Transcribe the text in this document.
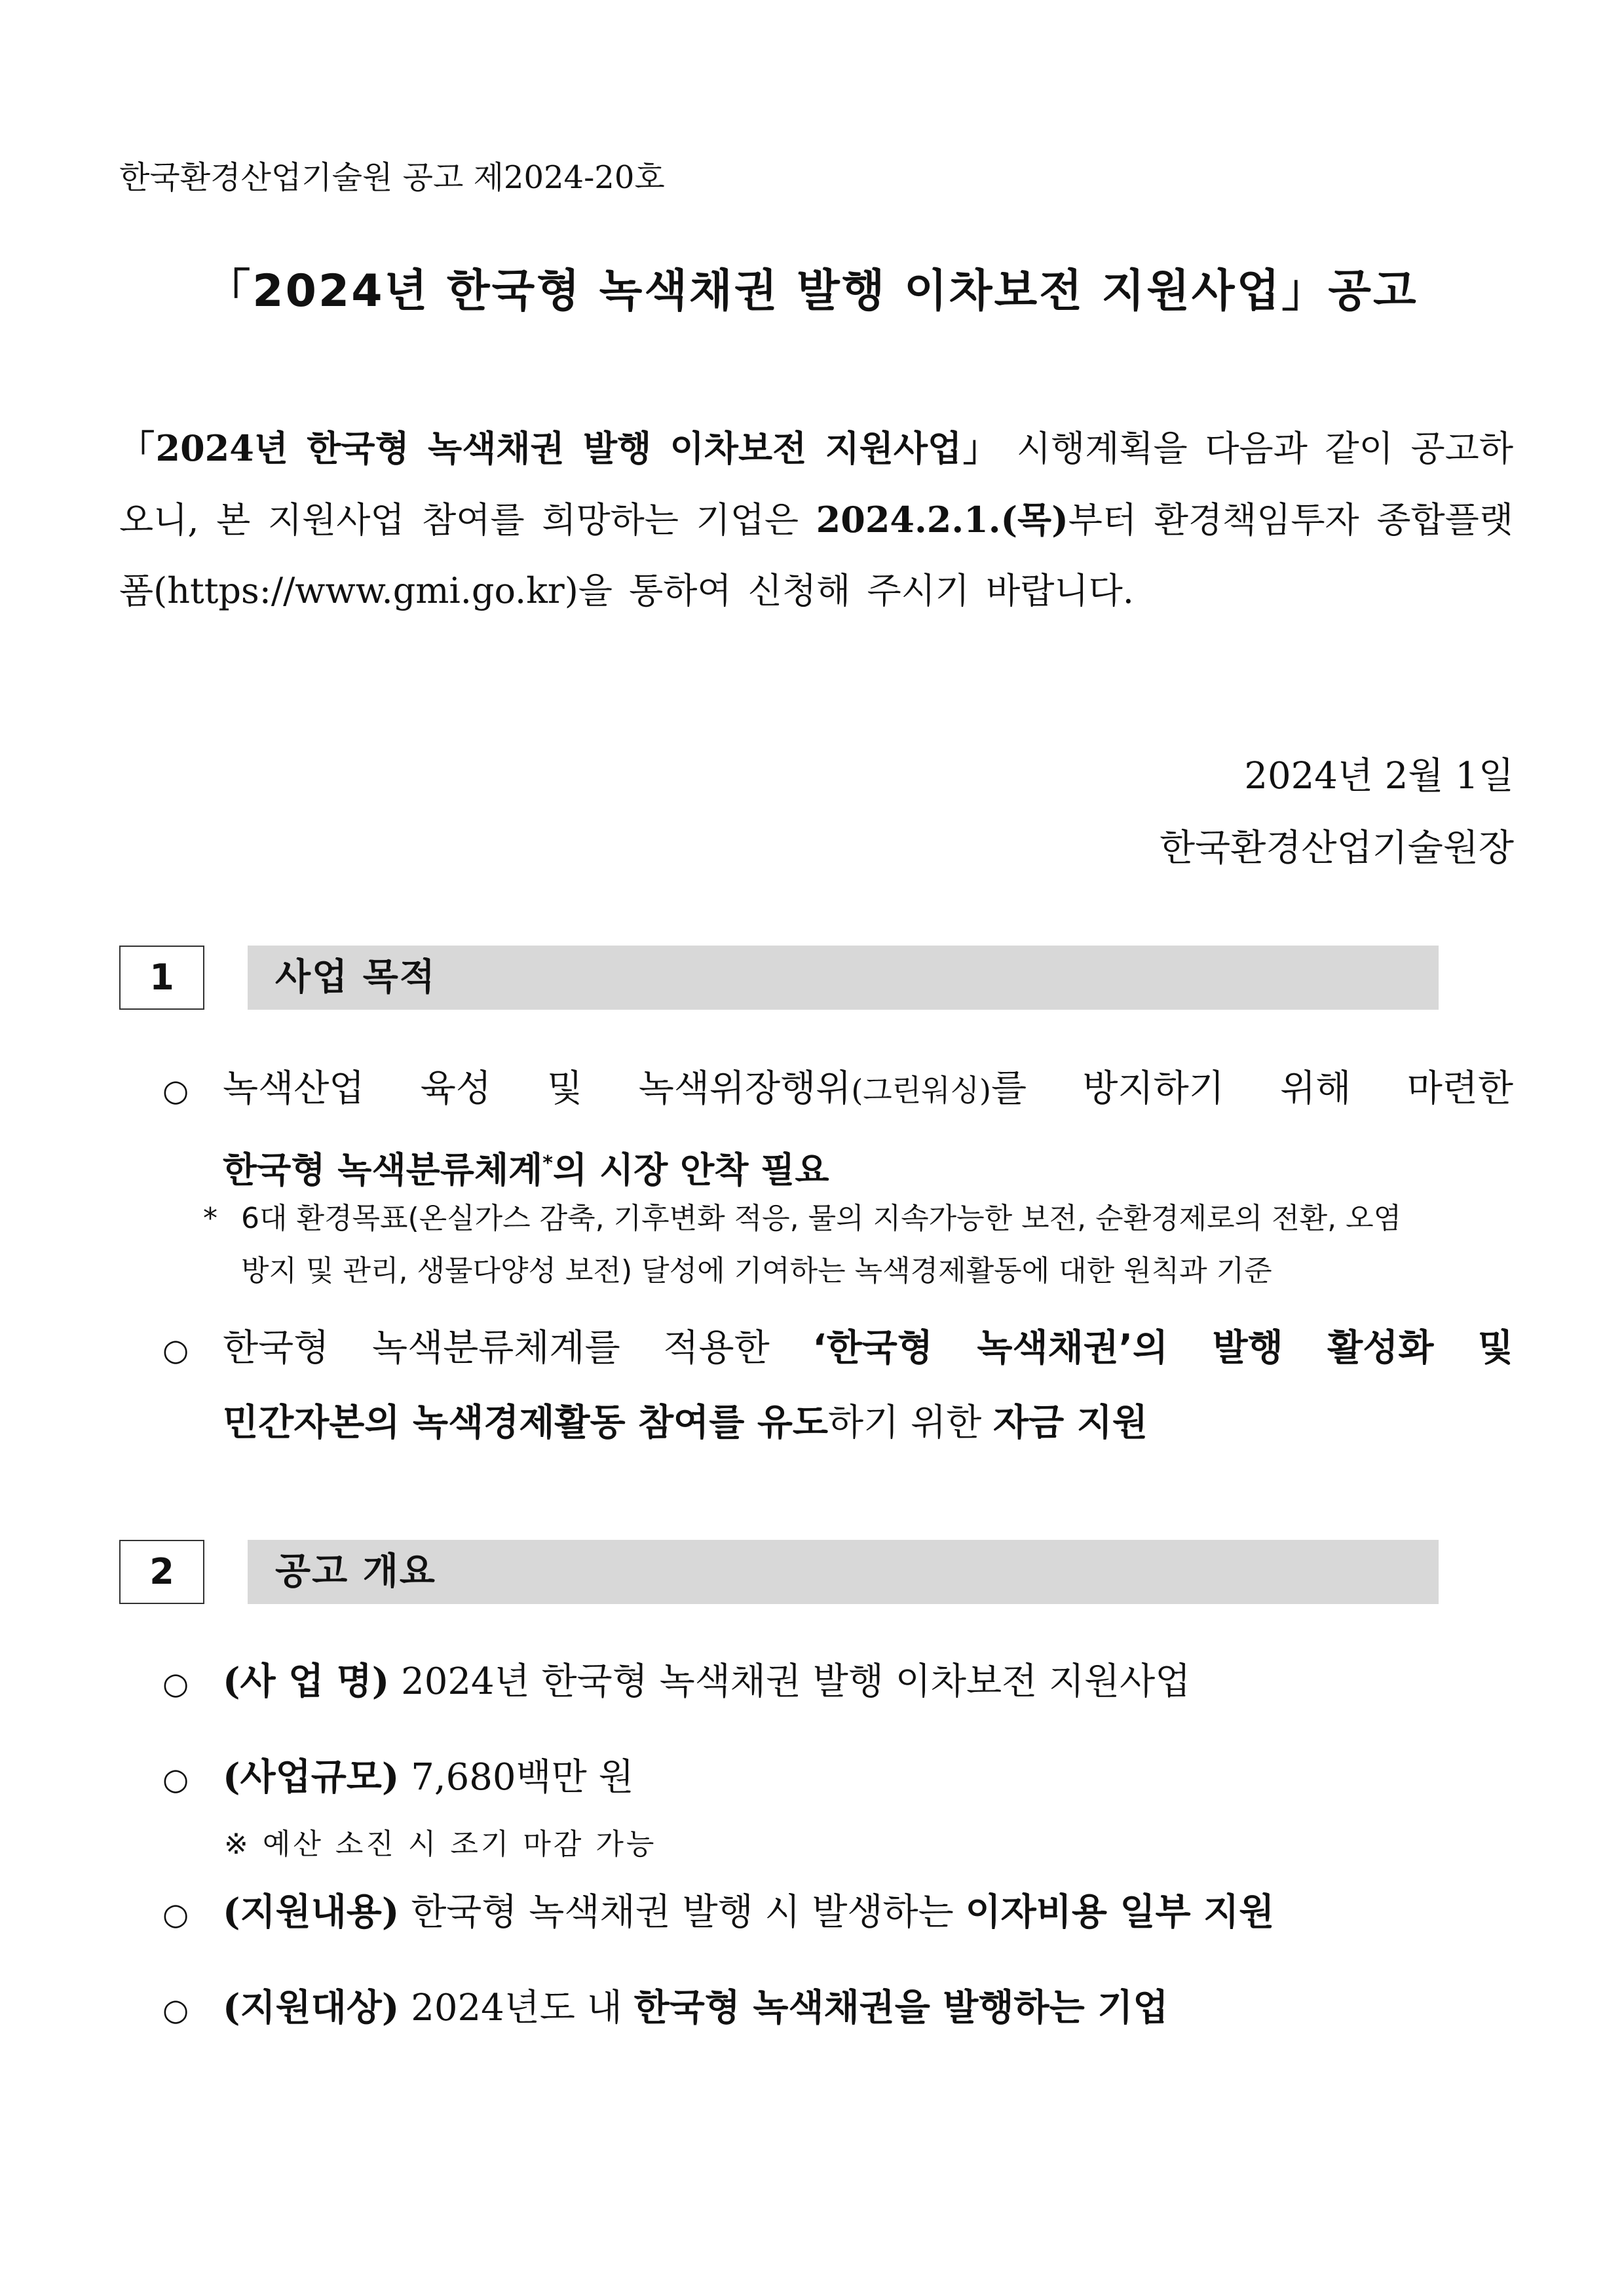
한국환경산업기술원 공고 제2024-20호
「2024년 한국형 녹색채권 발행 이차보전 지원사업」공고
「2024년 한국형 녹색채권 발행 이차보전 지원사업」 시행계획을 다음과 같이 공고하오니, 본 지원사업 참여를 희망하는 기업은 2024.2.1.(목)부터 환경책임투자 종합플랫폼(https://www.gmi.go.kr)을 통하여 신청해 주시기 바랍니다.
2024년 2월 1일
한국환경산업기술원장
1	사업 목적
○ 녹색산업 육성 및 녹색위장행위(그린워싱)를 방지하기 위해 마련한
한국형 녹색분류체계*의 시장 안착 필요
* 6대 환경목표(온실가스 감축, 기후변화 적응, 물의 지속가능한 보전, 순환경제로의 전환, 오염
방지 및 관리, 생물다양성 보전) 달성에 기여하는 녹색경제활동에 대한 원칙과 기준
○ 한국형 녹색분류체계를 적용한 ‘한국형 녹색채권’의 발행 활성화 및
민간자본의 녹색경제활동 참여를 유도하기 위한 자금 지원
2	공고 개요
○ (사 업 명) 2024년 한국형 녹색채권 발행 이차보전 지원사업
○ (사업규모) 7,680백만 원
※ 예산 소진 시 조기 마감 가능
○ (지원내용) 한국형 녹색채권 발행 시 발생하는 이자비용 일부 지원
○ (지원대상) 2024년도 내 한국형 녹색채권을 발행하는 기업
